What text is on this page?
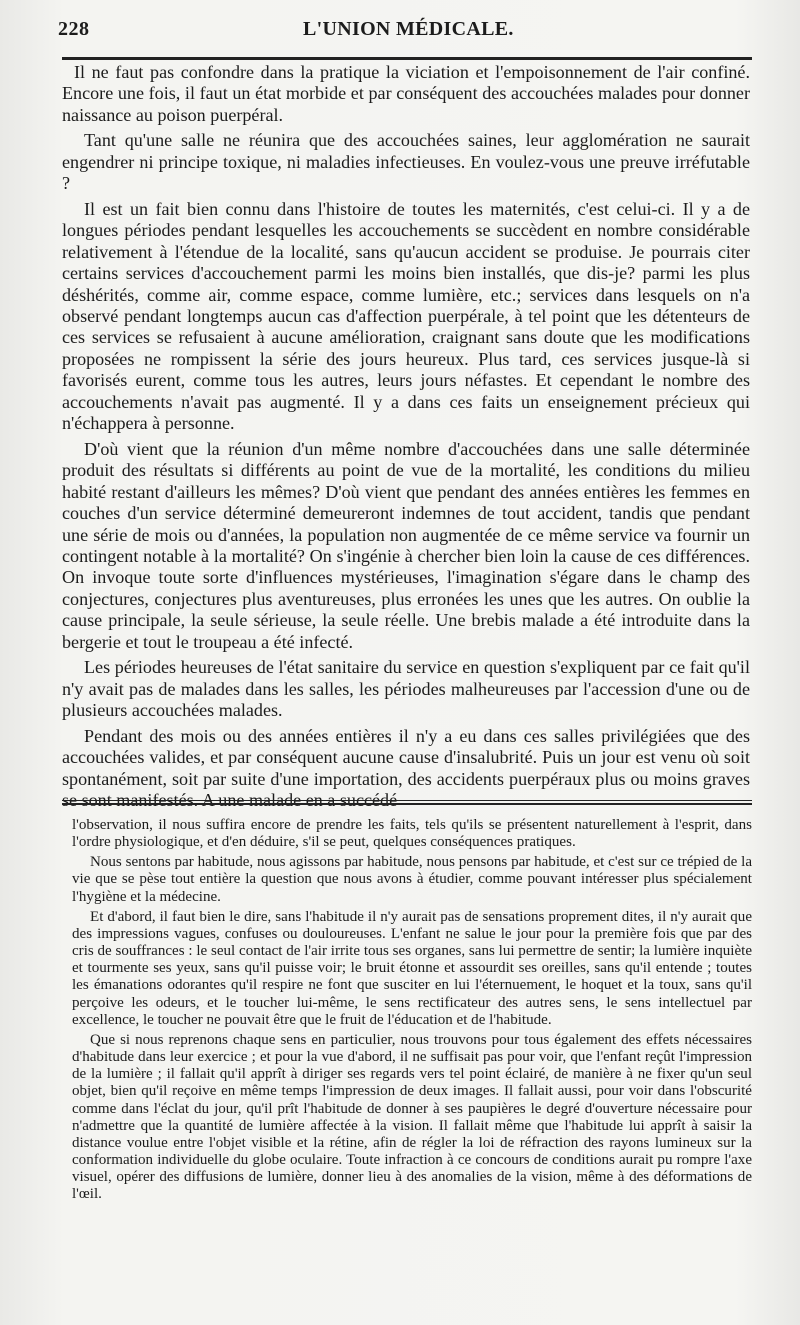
228	L'UNION MÉDICALE.

Il ne faut pas confondre dans la pratique la viciation et l'empoisonnement de l'air confiné. Encore une fois, il faut un état morbide et par conséquent des accouchées malades pour donner naissance au poison puerpéral.

Tant qu'une salle ne réunira que des accouchées saines, leur agglomération ne saurait engendrer ni principe toxique, ni maladies infectieuses. En voulez-vous une preuve irréfutable ?

Il est un fait bien connu dans l'histoire de toutes les maternités, c'est celui-ci. Il y a de longues périodes pendant lesquelles les accouchements se succèdent en nombre considérable relativement à l'étendue de la localité, sans qu'aucun accident se produise. Je pourrais citer certains services d'accouchement parmi les moins bien installés, que dis-je? parmi les plus déshérités, comme air, comme espace, comme lumière, etc.; services dans lesquels on n'a observé pendant longtemps aucun cas d'affection puerpérale, à tel point que les détenteurs de ces services se refusaient à aucune amélioration, craignant sans doute que les modifications proposées ne rompissent la série des jours heureux. Plus tard, ces services jusque-là si favorisés eurent, comme tous les autres, leurs jours néfastes. Et cependant le nombre des accouchements n'avait pas augmenté. Il y a dans ces faits un enseignement précieux qui n'échappera à personne.

D'où vient que la réunion d'un même nombre d'accouchées dans une salle déterminée produit des résultats si différents au point de vue de la mortalité, les conditions du milieu habité restant d'ailleurs les mêmes? D'où vient que pendant des années entières les femmes en couches d'un service déterminé demeureront indemnes de tout accident, tandis que pendant une série de mois ou d'années, la population non augmentée de ce même service va fournir un contingent notable à la mortalité? On s'ingénie à chercher bien loin la cause de ces différences. On invoque toute sorte d'influences mystérieuses, l'imagination s'égare dans le champ des conjectures, conjectures plus aventureuses, plus erronées les unes que les autres. On oublie la cause principale, la seule sérieuse, la seule réelle. Une brebis malade a été introduite dans la bergerie et tout le troupeau a été infecté.

Les périodes heureuses de l'état sanitaire du service en question s'expliquent par ce fait qu'il n'y avait pas de malades dans les salles, les périodes malheureuses par l'accession d'une ou de plusieurs accouchées malades.

Pendant des mois ou des années entières il n'y a eu dans ces salles privilégiées que des accouchées valides, et par conséquent aucune cause d'insalubrité. Puis un jour est venu où soit spontanément, soit par suite d'une importation, des accidents puerpéraux plus ou moins graves se sont manifestés. A une malade en a succédé

l'observation, il nous suffira encore de prendre les faits, tels qu'ils se présentent naturellement à l'esprit, dans l'ordre physiologique, et d'en déduire, s'il se peut, quelques conséquences pratiques.

Nous sentons par habitude, nous agissons par habitude, nous pensons par habitude, et c'est sur ce trépied de la vie que se pèse tout entière la question que nous avons à étudier, comme pouvant intéresser plus spécialement l'hygiène et la médecine.

Et d'abord, il faut bien le dire, sans l'habitude il n'y aurait pas de sensations proprement dites, il n'y aurait que des impressions vagues, confuses ou douloureuses. L'enfant ne salue le jour pour la première fois que par des cris de souffrances : le seul contact de l'air irrite tous ses organes, sans lui permettre de sentir; la lumière inquiète et tourmente ses yeux, sans qu'il puisse voir; le bruit étonne et assourdit ses oreilles, sans qu'il entende ; toutes les émanations odorantes qu'il respire ne font que susciter en lui l'éternuement, le hoquet et la toux, sans qu'il perçoive les odeurs, et le toucher lui-même, le sens rectificateur des autres sens, le sens intellectuel par excellence, le toucher ne pouvait être que le fruit de l'éducation et de l'habitude.

Que si nous reprenons chaque sens en particulier, nous trouvons pour tous également des effets nécessaires d'habitude dans leur exercice ; et pour la vue d'abord, il ne suffisait pas pour voir, que l'enfant reçût l'impression de la lumière ; il fallait qu'il apprît à diriger ses regards vers tel point éclairé, de manière à ne fixer qu'un seul objet, bien qu'il reçoive en même temps l'impression de deux images. Il fallait aussi, pour voir dans l'obscurité comme dans l'éclat du jour, qu'il prît l'habitude de donner à ses paupières le degré d'ouverture nécessaire pour n'admettre que la quantité de lumière affectée à la vision. Il fallait même que l'habitude lui apprît à saisir la distance voulue entre l'objet visible et la rétine, afin de régler la loi de réfraction des rayons lumineux sur la conformation individuelle du globe oculaire. Toute infraction à ce concours de conditions aurait pu rompre l'axe visuel, opérer des diffusions de lumière, donner lieu à des anomalies de la vision, même à des déformations de l'œil.
